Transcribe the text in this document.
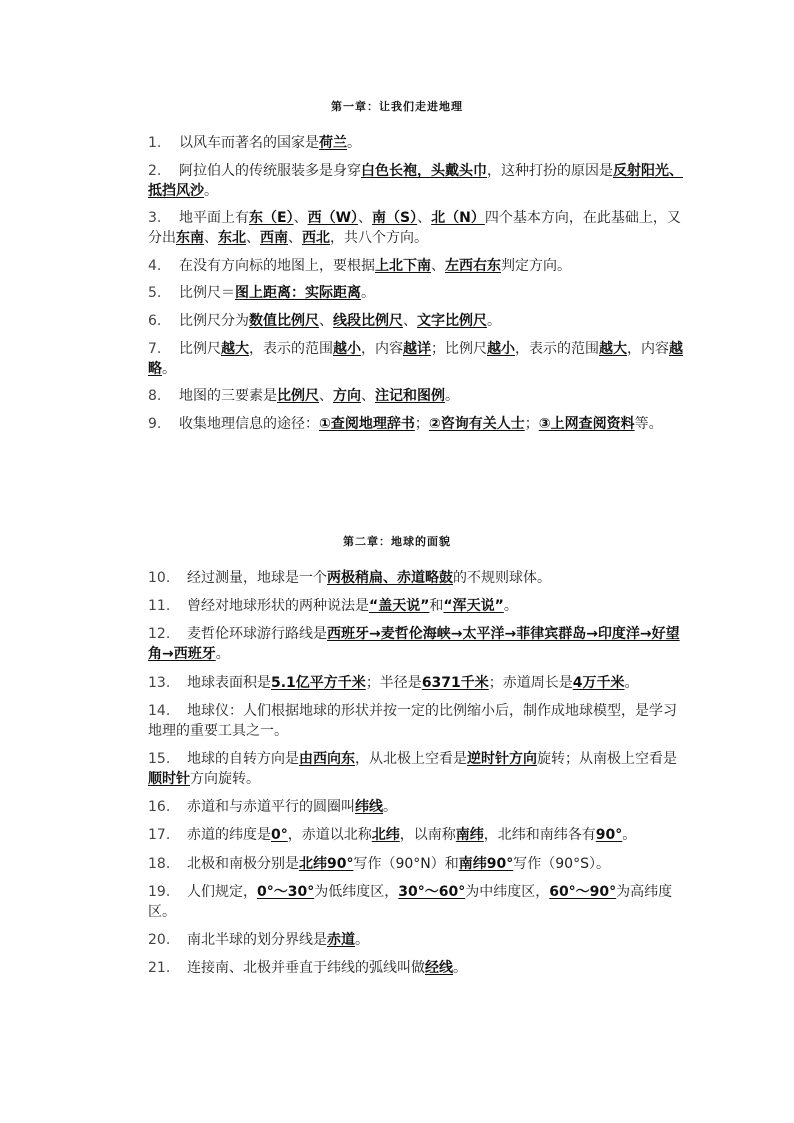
第一章：让我们走进地理
1. 以风车而著名的国家是荷兰。
2. 阿拉伯人的传统服装多是身穿白色长袍，头戴头巾，这种打扮的原因是反射阳光、抵挡风沙。
3. 地平面上有东（E）、西（W）、南（S）、北（N）四个基本方向，在此基础上，又分出东南、东北、西南、西北，共八个方向。
4. 在没有方向标的地图上，要根据上北下南、左西右东判定方向。
5. 比例尺＝图上距离：实际距离。
6. 比例尺分为数值比例尺、线段比例尺、文字比例尺。
7. 比例尺越大，表示的范围越小，内容越详；比例尺越小，表示的范围越大，内容越略。
8. 地图的三要素是比例尺、方向、注记和图例。
9. 收集地理信息的途径：①查阅地理辞书；②咨询有关人士；③上网查阅资料等。
第二章：地球的面貌
10. 经过测量，地球是一个两极稍扁、赤道略鼓的不规则球体。
11. 曾经对地球形状的两种说法是“盖天说”和“浑天说”。
12. 麦哲伦环球游行路线是西班牙→麦哲伦海峡→太平洋→菲律宾群岛→印度洋→好望角→西班牙。
13. 地球表面积是5.1亿平方千米；半径是6371千米；赤道周长是4万千米。
14. 地球仪：人们根据地球的形状并按一定的比例缩小后，制作成地球模型，是学习地理的重要工具之一。
15. 地球的自转方向是由西向东，从北极上空看是逆时针方向旋转；从南极上空看是顺时针方向旋转。
16. 赤道和与赤道平行的圆圈叫纬线。
17. 赤道的纬度是0°，赤道以北称北纬，以南称南纬，北纬和南纬各有90°。
18. 北极和南极分别是北纬90°写作（90°N）和南纬90°写作（90°S）。
19. 人们规定，0°～30°为低纬度区，30°～60°为中纬度区，60°～90°为高纬度区。
20. 南北半球的划分界线是赤道。
21. 连接南、北极并垂直于纬线的弧线叫做经线。
